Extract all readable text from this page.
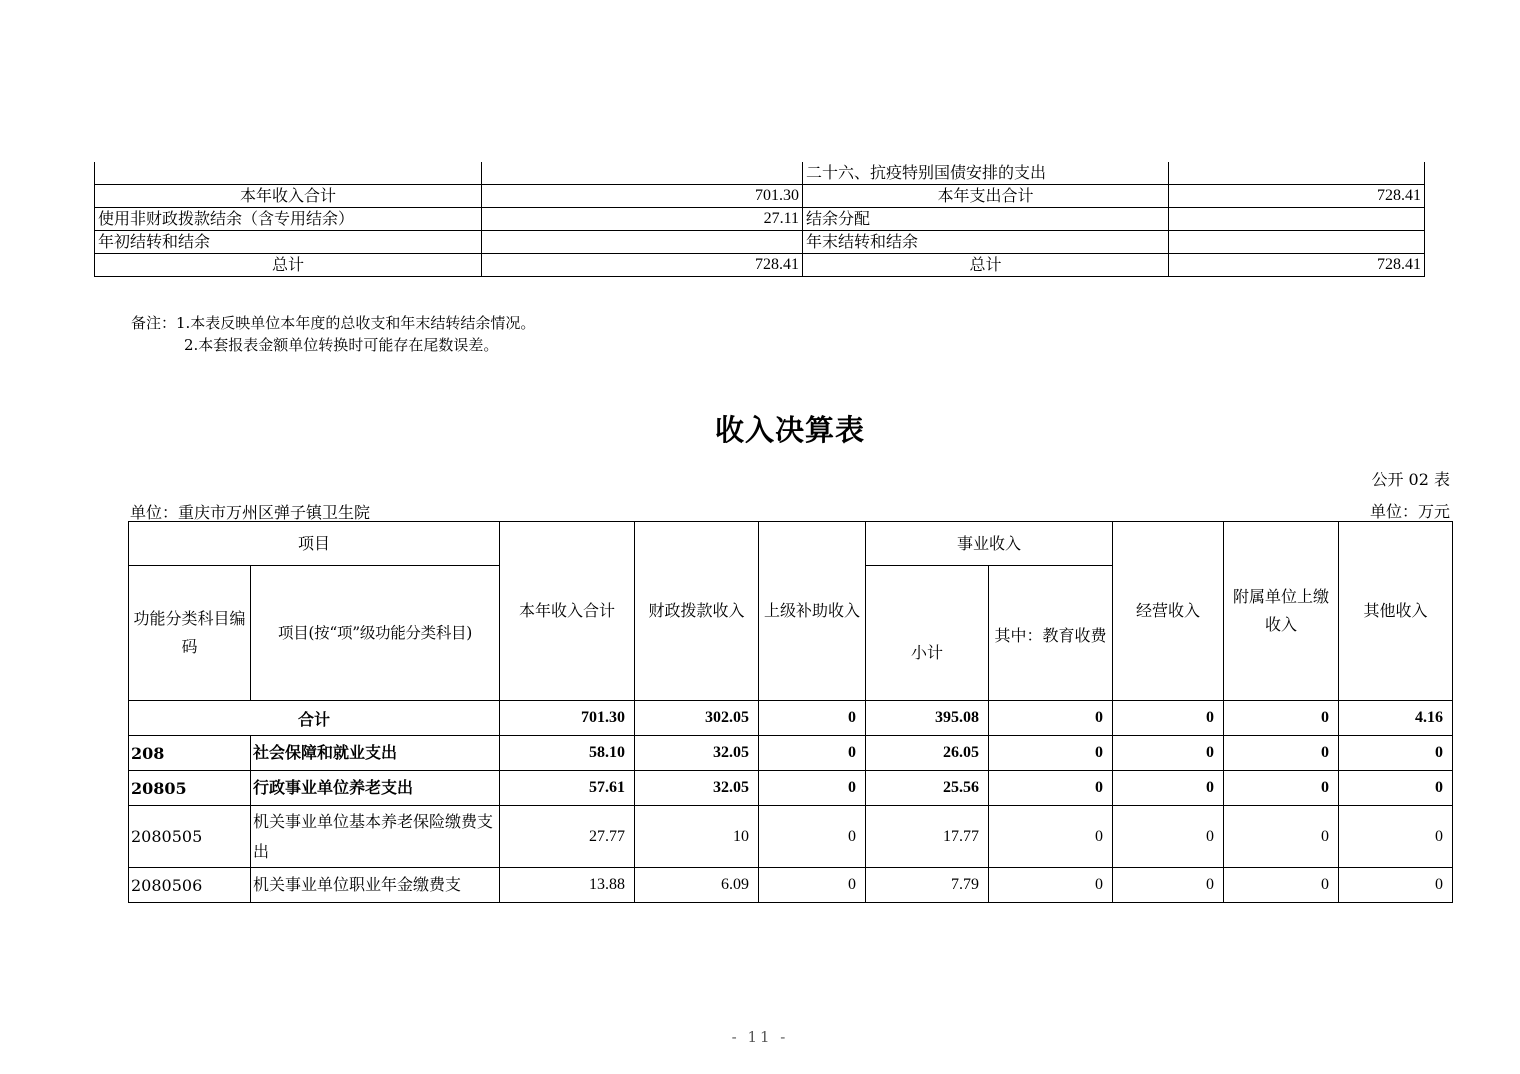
		二十六、抗疫特别国债安排的支出	
本年收入合计	701.30	本年支出合计	728.41
使用非财政拨款结余（含专用结余）	27.11	结余分配	
年初结转和结余		年末结转和结余	
总计	728.41	总计	728.41
备注：1.本表反映单位本年度的总收支和年末结转结余情况。
2.本套报表金额单位转换时可能存在尾数误差。
收入决算表
公开 02 表
单位：重庆市万州区弹子镇卫生院	单位：万元
项目		本年收入合计	财政拨款收入	上级补助收入	事业收入		经营收入	附属单位上缴收入	其他收入
功能分类科目编码	项目(按“项”级功能分类科目)				小计	其中：教育收费			
合计		701.30	302.05	0	395.08	0	0	0	4.16
208	社会保障和就业支出	58.10	32.05	0	26.05	0	0	0	0
20805	行政事业单位养老支出	57.61	32.05	0	25.56	0	0	0	0
2080505	机关事业单位基本养老保险缴费支出	27.77	10	0	17.77	0	0	0	0
2080506	机关事业单位职业年金缴费支	13.88	6.09	0	7.79	0	0	0	0
- 11 -
